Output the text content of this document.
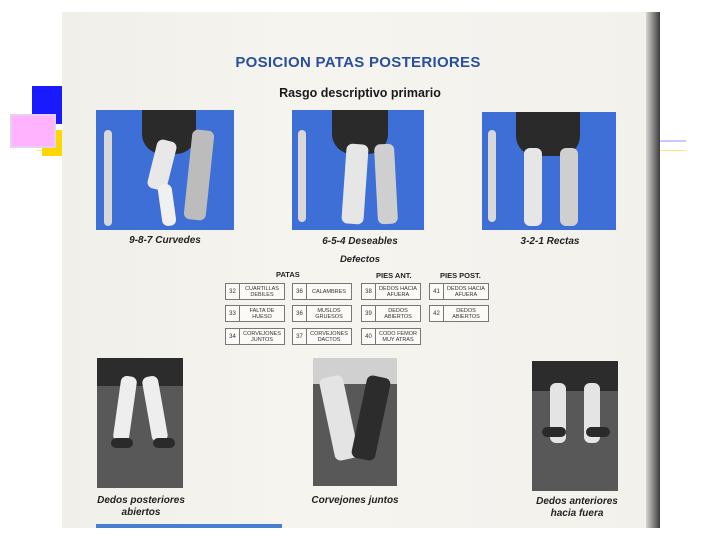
POSICION PATAS POSTERIORES
Rasgo descriptivo primario
9-8-7 Curvedes	6-5-4 Deseables	3-2-1 Rectas
Defectos
PATAS	PIES ANT.	PIES POST.
32	CUARTILLAS DEBILES	36	CALAMBRES	38	DEDOS HACIA AFUERA	41	DEDOS HACIA AFUERA
33	FALTA DE HUESO	36	MUSLOS GRUESOS	39	DEDOS ABIERTOS	42	DEDOS ABIERTOS
34	CORVEJONES JUNTOS	37	CORVEJONES DACTOS	40	CODO FEMOR MUY ATRAS
Dedos posteriores
abiertos
Corvejones juntos	Dedos anteriores
hacia fuera
